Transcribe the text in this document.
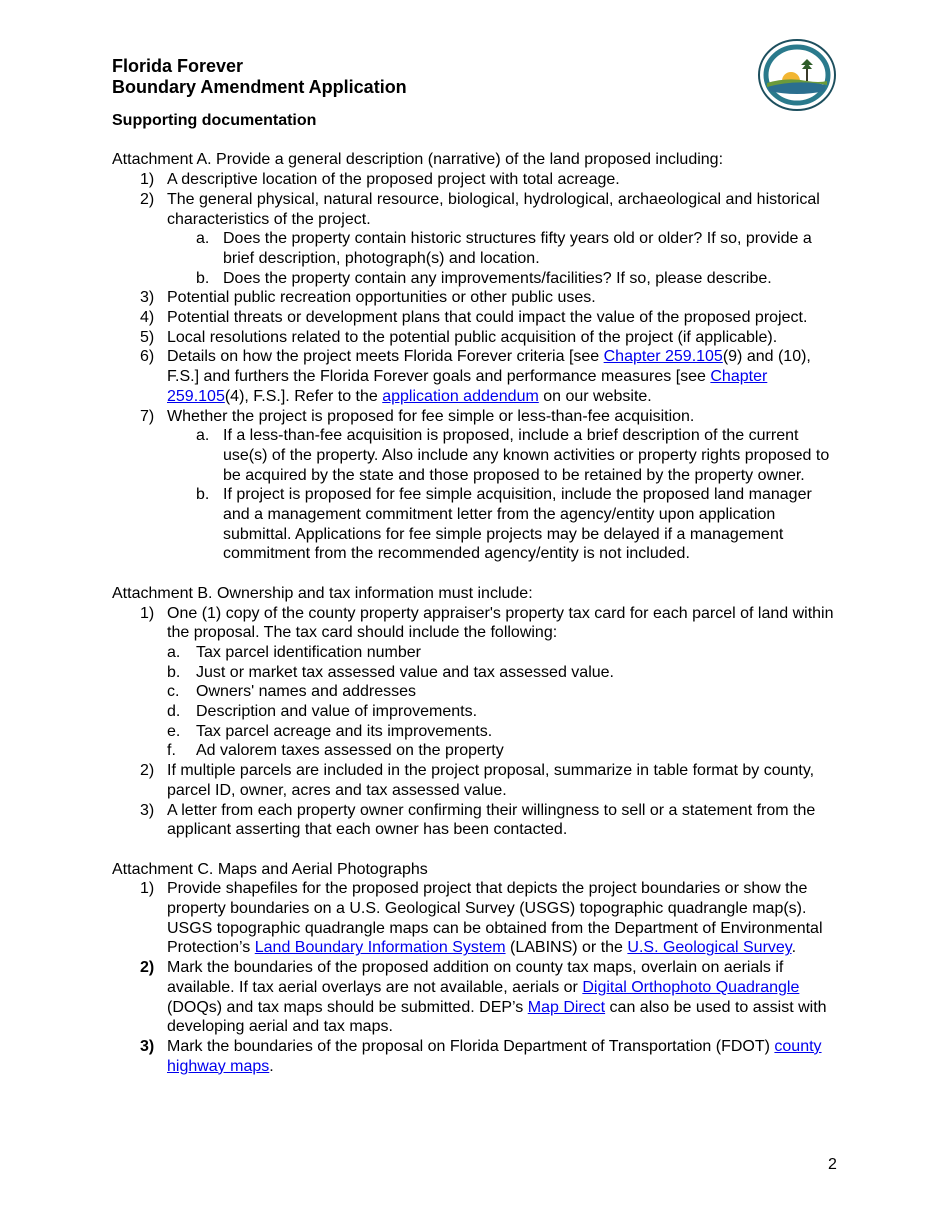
Florida Forever
Boundary Amendment Application

Supporting documentation

Attachment A. Provide a general description (narrative) of the land proposed including:

1) A descriptive location of the proposed project with total acreage.
2) The general physical, natural resource, biological, hydrological, archaeological and historical characteristics of the project.
a. Does the property contain historic structures fifty years old or older? If so, provide a brief description, photograph(s) and location.
b. Does the property contain any improvements/facilities? If so, please describe.
3) Potential public recreation opportunities or other public uses.
4) Potential threats or development plans that could impact the value of the proposed project.
5) Local resolutions related to the potential public acquisition of the project (if applicable).
6) Details on how the project meets Florida Forever criteria [see Chapter 259.105(9) and (10), F.S.] and furthers the Florida Forever goals and performance measures [see Chapter 259.105(4), F.S.]. Refer to the application addendum on our website.
7) Whether the project is proposed for fee simple or less-than-fee acquisition.
a. If a less-than-fee acquisition is proposed, include a brief description of the current use(s) of the property. Also include any known activities or property rights proposed to be acquired by the state and those proposed to be retained by the property owner.
b. If project is proposed for fee simple acquisition, include the proposed land manager and a management commitment letter from the agency/entity upon application submittal. Applications for fee simple projects may be delayed if a management commitment from the recommended agency/entity is not included.

Attachment B. Ownership and tax information must include:

1) One (1) copy of the county property appraiser's property tax card for each parcel of land within the proposal. The tax card should include the following:
a. Tax parcel identification number
b. Just or market tax assessed value and tax assessed value.
c. Owners' names and addresses
d. Description and value of improvements.
e. Tax parcel acreage and its improvements.
f. Ad valorem taxes assessed on the property
2) If multiple parcels are included in the project proposal, summarize in table format by county, parcel ID, owner, acres and tax assessed value.
3) A letter from each property owner confirming their willingness to sell or a statement from the applicant asserting that each owner has been contacted.

Attachment C. Maps and Aerial Photographs

1) Provide shapefiles for the proposed project that depicts the project boundaries or show the property boundaries on a U.S. Geological Survey (USGS) topographic quadrangle map(s). USGS topographic quadrangle maps can be obtained from the Department of Environmental Protection’s Land Boundary Information System (LABINS) or the U.S. Geological Survey.
2) Mark the boundaries of the proposed addition on county tax maps, overlain on aerials if available. If tax aerial overlays are not available, aerials or Digital Orthophoto Quadrangle (DOQs) and tax maps should be submitted. DEP’s Map Direct can also be used to assist with developing aerial and tax maps.
3) Mark the boundaries of the proposal on Florida Department of Transportation (FDOT) county highway maps.
2
